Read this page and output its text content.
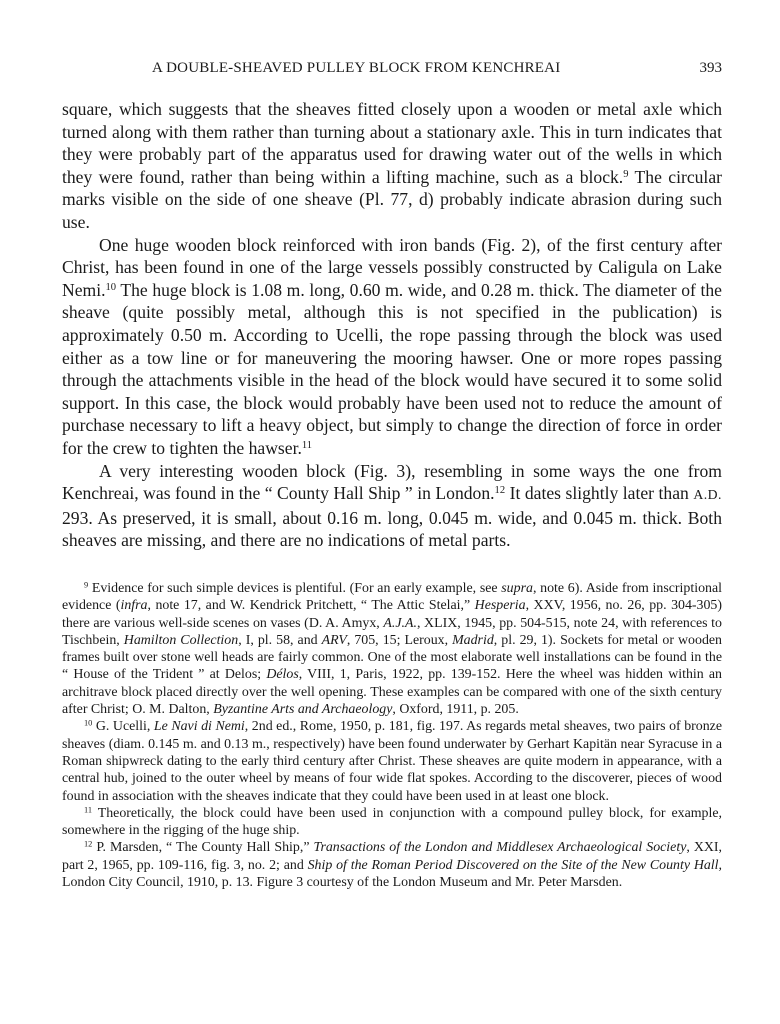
A DOUBLE-SHEAVED PULLEY BLOCK FROM KENCHREAI	393

square, which suggests that the sheaves fitted closely upon a wooden or metal axle which turned along with them rather than turning about a stationary axle. This in turn indicates that they were probably part of the apparatus used for drawing water out of the wells in which they were found, rather than being within a lifting machine, such as a block.$^9$ The circular marks visible on the side of one sheave (Pl. 77, d) probably indicate abrasion during such use.

One huge wooden block reinforced with iron bands (Fig. 2), of the first century after Christ, has been found in one of the large vessels possibly constructed by Caligula on Lake Nemi.$^{10}$ The huge block is 1.08 m. long, 0.60 m. wide, and 0.28 m. thick. The diameter of the sheave (quite possibly metal, although this is not specified in the publication) is approximately 0.50 m. According to Ucelli, the rope passing through the block was used either as a tow line or for maneuvering the mooring hawser. One or more ropes passing through the attachments visible in the head of the block would have secured it to some solid support. In this case, the block would probably have been used not to reduce the amount of purchase necessary to lift a heavy object, but simply to change the direction of force in order for the crew to tighten the hawser.$^{11}$

A very interesting wooden block (Fig. 3), resembling in some ways the one from Kenchreai, was found in the “ County Hall Ship ” in London.$^{12}$ It dates slightly later than A.D. 293. As preserved, it is small, about 0.16 m. long, 0.045 m. wide, and 0.045 m. thick. Both sheaves are missing, and there are no indications of metal parts.

$^9$ Evidence for such simple devices is plentiful. (For an early example, see supra, note 6). Aside from inscriptional evidence (infra, note 17, and W. Kendrick Pritchett, “ The Attic Stelai,” Hesperia, XXV, 1956, no. 26, pp. 304-305) there are various well-side scenes on vases (D. A. Amyx, A.J.A., XLIX, 1945, pp. 504-515, note 24, with references to Tischbein, Hamilton Collection, I, pl. 58, and ARV, 705, 15; Leroux, Madrid, pl. 29, 1). Sockets for metal or wooden frames built over stone well heads are fairly common. One of the most elaborate well installations can be found in the “ House of the Trident ” at Delos; Délos, VIII, 1, Paris, 1922, pp. 139-152. Here the wheel was hidden within an architrave block placed directly over the well opening. These examples can be compared with one of the sixth century after Christ; O. M. Dalton, Byzantine Arts and Archaeology, Oxford, 1911, p. 205.

$^{10}$ G. Ucelli, Le Navi di Nemi, 2nd ed., Rome, 1950, p. 181, fig. 197. As regards metal sheaves, two pairs of bronze sheaves (diam. 0.145 m. and 0.13 m., respectively) have been found underwater by Gerhart Kapitän near Syracuse in a Roman shipwreck dating to the early third century after Christ. These sheaves are quite modern in appearance, with a central hub, joined to the outer wheel by means of four wide flat spokes. According to the discoverer, pieces of wood found in association with the sheaves indicate that they could have been used in at least one block.

$^{11}$ Theoretically, the block could have been used in conjunction with a compound pulley block, for example, somewhere in the rigging of the huge ship.

$^{12}$ P. Marsden, “ The County Hall Ship,” Transactions of the London and Middlesex Archaeological Society, XXI, part 2, 1965, pp. 109-116, fig. 3, no. 2; and Ship of the Roman Period Discovered on the Site of the New County Hall, London City Council, 1910, p. 13. Figure 3 courtesy of the London Museum and Mr. Peter Marsden.
